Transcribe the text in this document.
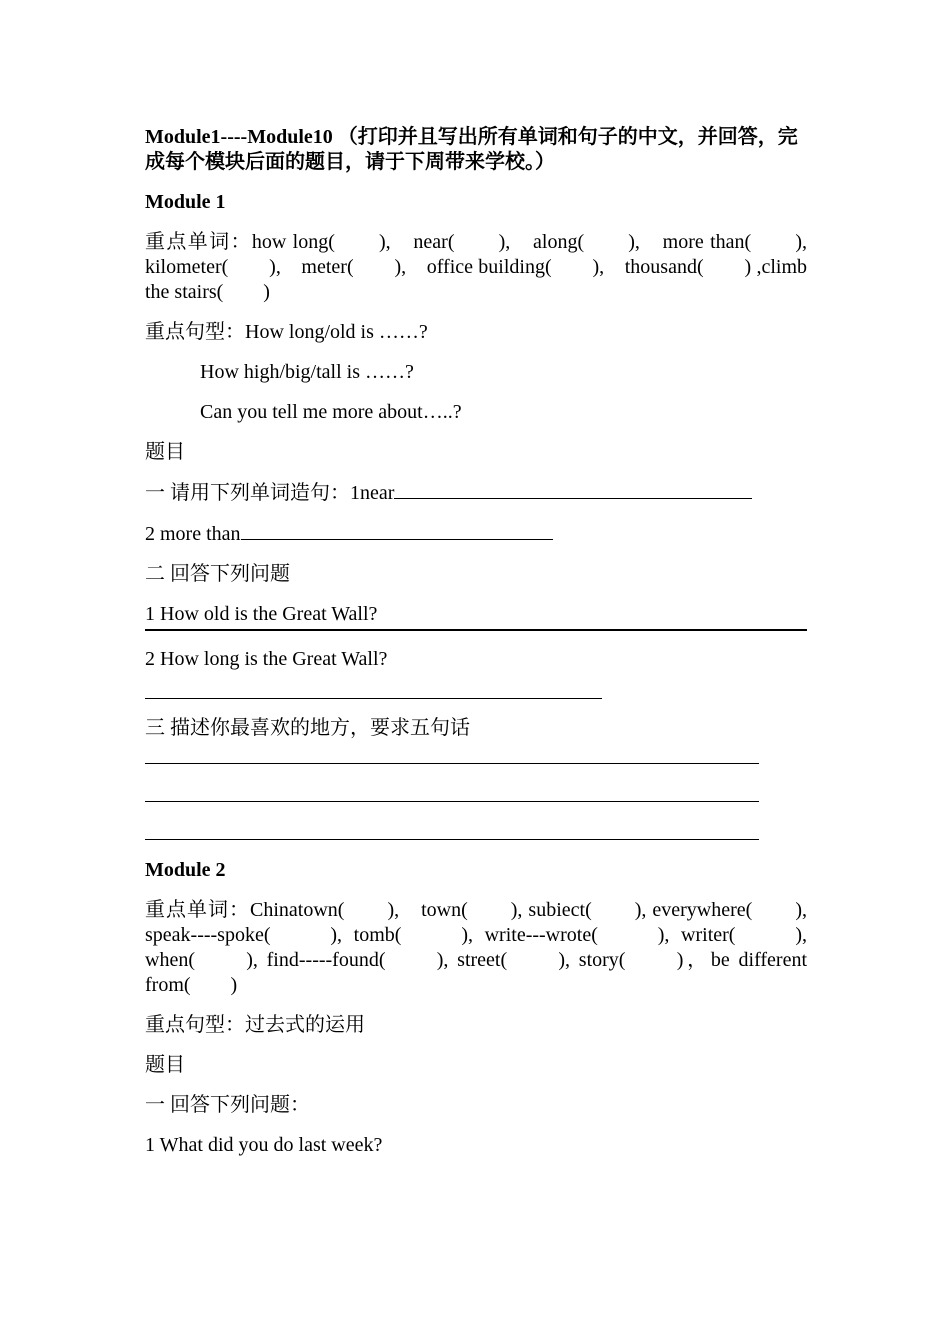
Module1----Module10 （打印并且写出所有单词和句子的中文，并回答，完成每个模块后面的题目，请于下周带来学校。）

Module 1

重点单词：how long(　　),　near(　　),　along(　　),　more than(　　),　kilometer(　　),　meter(　　),　office building(　　),　thousand(　　) ,climb the stairs(　　)

重点句型：How long/old is ……?

How high/big/tall is ……?

Can you tell me more about…..?

题目

一 请用下列单词造句：1near

2 more than

二 回答下列问题

1 How old is the Great Wall?

2 How long is the Great Wall?

三 描述你最喜欢的地方，要求五句话

Module 2

重点单词：Chinatown(　　),　town(　　), subiect(　　), everywhere(　　), speak----spoke(　　), tomb(　　), write---wrote(　　), writer(　　), when(　　), find-----found(　　), street(　　), story(　　)，be different from(　　)

重点句型：过去式的运用

题目

一 回答下列问题：

1 What did you do last week?
